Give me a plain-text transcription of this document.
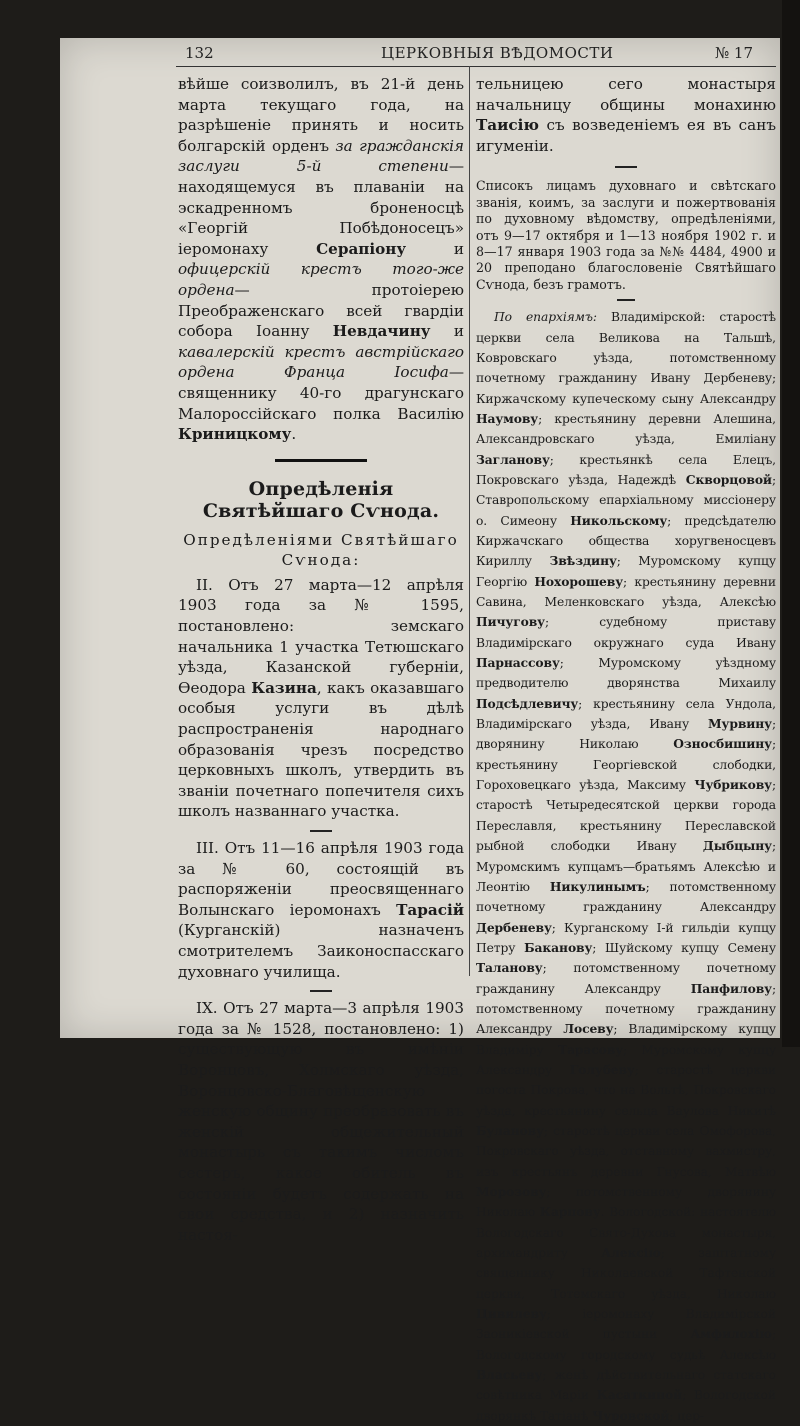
132	ЦЕРКОВНЫЯ ВѢДОМОСТИ	№ 17

вѣйше соизволилъ, въ 21-й день марта текущаго года, на разрѣшеніе принять и носить болгарскій орденъ за гражданскія заслуги 5-й степени—находящемуся въ плаваніи на эскадренномъ броненосцѣ «Георгій Побѣдоносецъ» іеромонаху Серапіону и офицерскій крестъ того-же ордена— протоіерею Преображенскаго всей гвардіи собора Іоанну Невдачину и кавалерскій крестъ австрійскаго ордена Франца Іосифа— священнику 40-го драгунскаго Малороссійскаго полка Василію Криницкому.

Опредѣленія Святѣйшаго Сѵнода.

Опредѣленіями Святѣйшаго Сѵнода:

II. Отъ 27 марта—12 апрѣля 1903 года за № 1595, постановлено: земскаго начальника 1 участка Тетюшскаго уѣзда, Казанской губерніи, Ѳеодора Казина, какъ оказавшаго особыя услуги въ дѣлѣ распространенія народнаго образованія чрезъ посредство церковныхъ школъ, утвердить въ званіи почетнаго попечителя сихъ школъ названнаго участка.

III. Отъ 11—16 апрѣля 1903 года за № 60, состоящій въ распоряженіи преосвященнаго Волынскаго іеромонахъ Тарасій (Курганскій) назначенъ смотрителемъ Заиконоспасскаго духовнаго училища.

IX. Отъ 27 марта—3 апрѣля 1903 года за № 1528, постановлено: 1) существующую въ имѣніи Воронцовъ, Холмскаго уѣзда, Воронцовско-Благовѣщенскую женскую общину преобразовать въ женскій общежительный монастырь съ такимъ числомъ сестеръ, какое обитель въ состояніи будетъ содержать на свои средства, и 2) назначить настоя-

тельницею сего монастыря начальницу общины монахиню Таисію съ возведеніемъ ея въ санъ игуменіи.

Списокъ лицамъ духовнаго и свѣтскаго званія, коимъ, за заслуги и пожертвованія по духовному вѣдомству, опредѣленіями, отъ 9—17 октября и 1—13 ноября 1902 г. и 8—17 января 1903 года за №№ 4484, 4900 и 20 преподано благословеніе Святѣйшаго Сѵнода, безъ грамотъ.

По епархіямъ: Владимірской: старостѣ церкви села Великова на Тальшѣ, Ковровскаго уѣзда, потомственному почетному гражданину Ивану Дербеневу; Киржачскому купеческому сыну Александру Наумову; крестьянину деревни Алешина, Александровскаго уѣзда, Емиліану Загланову; крестьянкѣ села Елецъ, Покровскаго уѣзда, Надеждѣ Скворцовой; Ставропольскому епархіальному миссіонеру о. Симеону Никольскому; предсѣдателю Киржачскаго общества хоругвеносцевъ Кириллу Звѣздину; Муромскому купцу Георгію Нохорошеву; крестьянину деревни Савина, Меленковскаго уѣзда, Алексѣю Пичугову; судебному приставу Владимірскаго окружнаго суда Ивану Парнассову; Муромскому уѣздному предводителю дворянства Михаилу Подсѣдлевичу; крестьянину села Ундола, Владимірскаго уѣзда, Ивану Мурвину; дворянину Николаю Озносбишину; крестьянину Георгіевской слободки, Гороховецкаго уѣзда, Максиму Чубрикову; старостѣ Четыредесятской церкви города Переславля, крестьянину Переславской рыбной слободки Ивану Дыбцыну; Муромскимъ купцамъ—братьямъ Алексѣю и Леонтію Никулинымъ; потомственному почетному гражданину Александру Дербеневу; Курганскому І-й гильдіи купцу Петру Баканову; Шуйскому купцу Семену Таланову; потомственному почетному гражданину Александру Панфилову; потомственному почетному гражданину Александру Лосеву; Владимірскому купцу Владиміру Тарасову; Муромскому купцу Александру Голубеву; старостѣ церкви погоста Покрова, что на Вольтѣ, Покровскаго уѣзда, крестьянину сельца Ваулова Никитѣ Буланову; старостѣ церкви села Омофорова, Покровскаго уѣзда, отставному вахмистру, изъ крестьянъ деревни Гнусова, Матвѣю Морозову; потомственному дворянину Николаю Карпову. Вологодской: настоятелю Вологодскаго Свято-Духова монастыря, архимандриту Алексію; заштатному священнику Николаевской Тафтенской церкви, Тотемскаго уѣзда, Николаю Цивилеву; іеромонаху Владимірской Заоникіевской пустыни Амфилохію; Вологодскому городскому судьѣ Алексѣю Власьеву; женѣ дѣйствительнаго статскаго совѣтника Маріи Касаткиной; Вологодской дворянкѣ Татіанѣ Чуровской; цер-
